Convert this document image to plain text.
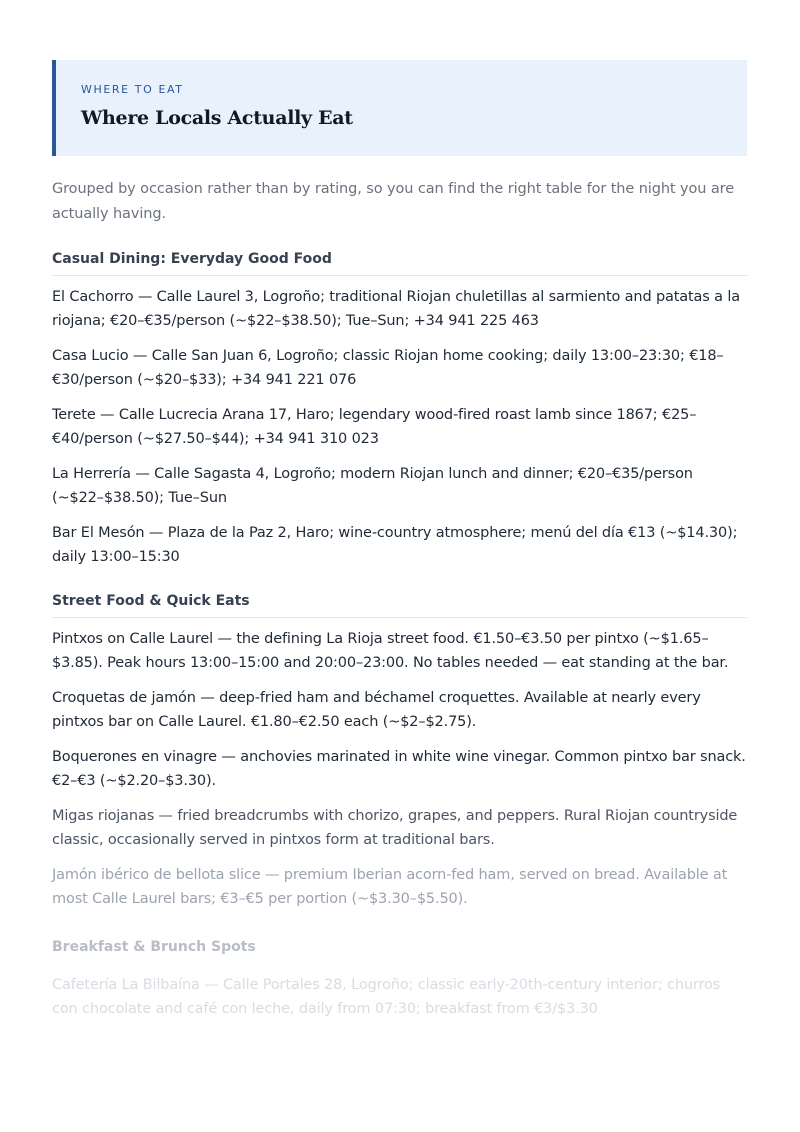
WHERE TO EAT
Where Locals Actually Eat
Grouped by occasion rather than by rating, so you can find the right table for the night you are actually having.
Casual Dining: Everyday Good Food
El Cachorro — Calle Laurel 3, Logroño; traditional Riojan chuletillas al sarmiento and patatas a la riojana; €20–€35/person (~$22–$38.50); Tue–Sun; +34 941 225 463
Casa Lucio — Calle San Juan 6, Logroño; classic Riojan home cooking; daily 13:00–23:30; €18–€30/person (~$20–$33); +34 941 221 076
Terete — Calle Lucrecia Arana 17, Haro; legendary wood-fired roast lamb since 1867; €25–€40/person (~$27.50–$44); +34 941 310 023
La Herrería — Calle Sagasta 4, Logroño; modern Riojan lunch and dinner; €20–€35/person (~$22–$38.50); Tue–Sun
Bar El Mesón — Plaza de la Paz 2, Haro; wine-country atmosphere; menú del día €13 (~$14.30); daily 13:00–15:30
Street Food & Quick Eats
Pintxos on Calle Laurel — the defining La Rioja street food. €1.50–€3.50 per pintxo (~$1.65–$3.85). Peak hours 13:00–15:00 and 20:00–23:00. No tables needed — eat standing at the bar.
Croquetas de jamón — deep-fried ham and béchamel croquettes. Available at nearly every pintxos bar on Calle Laurel. €1.80–€2.50 each (~$2–$2.75).
Boquerones en vinagre — anchovies marinated in white wine vinegar. Common pintxo bar snack. €2–€3 (~$2.20–$3.30).
Migas riojanas — fried breadcrumbs with chorizo, grapes, and peppers. Rural Riojan countryside classic, occasionally served in pintxos form at traditional bars.
Jamón ibérico de bellota slice — premium Iberian acorn-fed ham, served on bread. Available at most Calle Laurel bars; €3–€5 per portion (~$3.30–$5.50).
Breakfast & Brunch Spots
Cafetería La Bilbaína — Calle Portales 28, Logroño; classic early-20th-century interior; churros con chocolate and café con leche, daily from 07:30; breakfast from €3/$3.30
